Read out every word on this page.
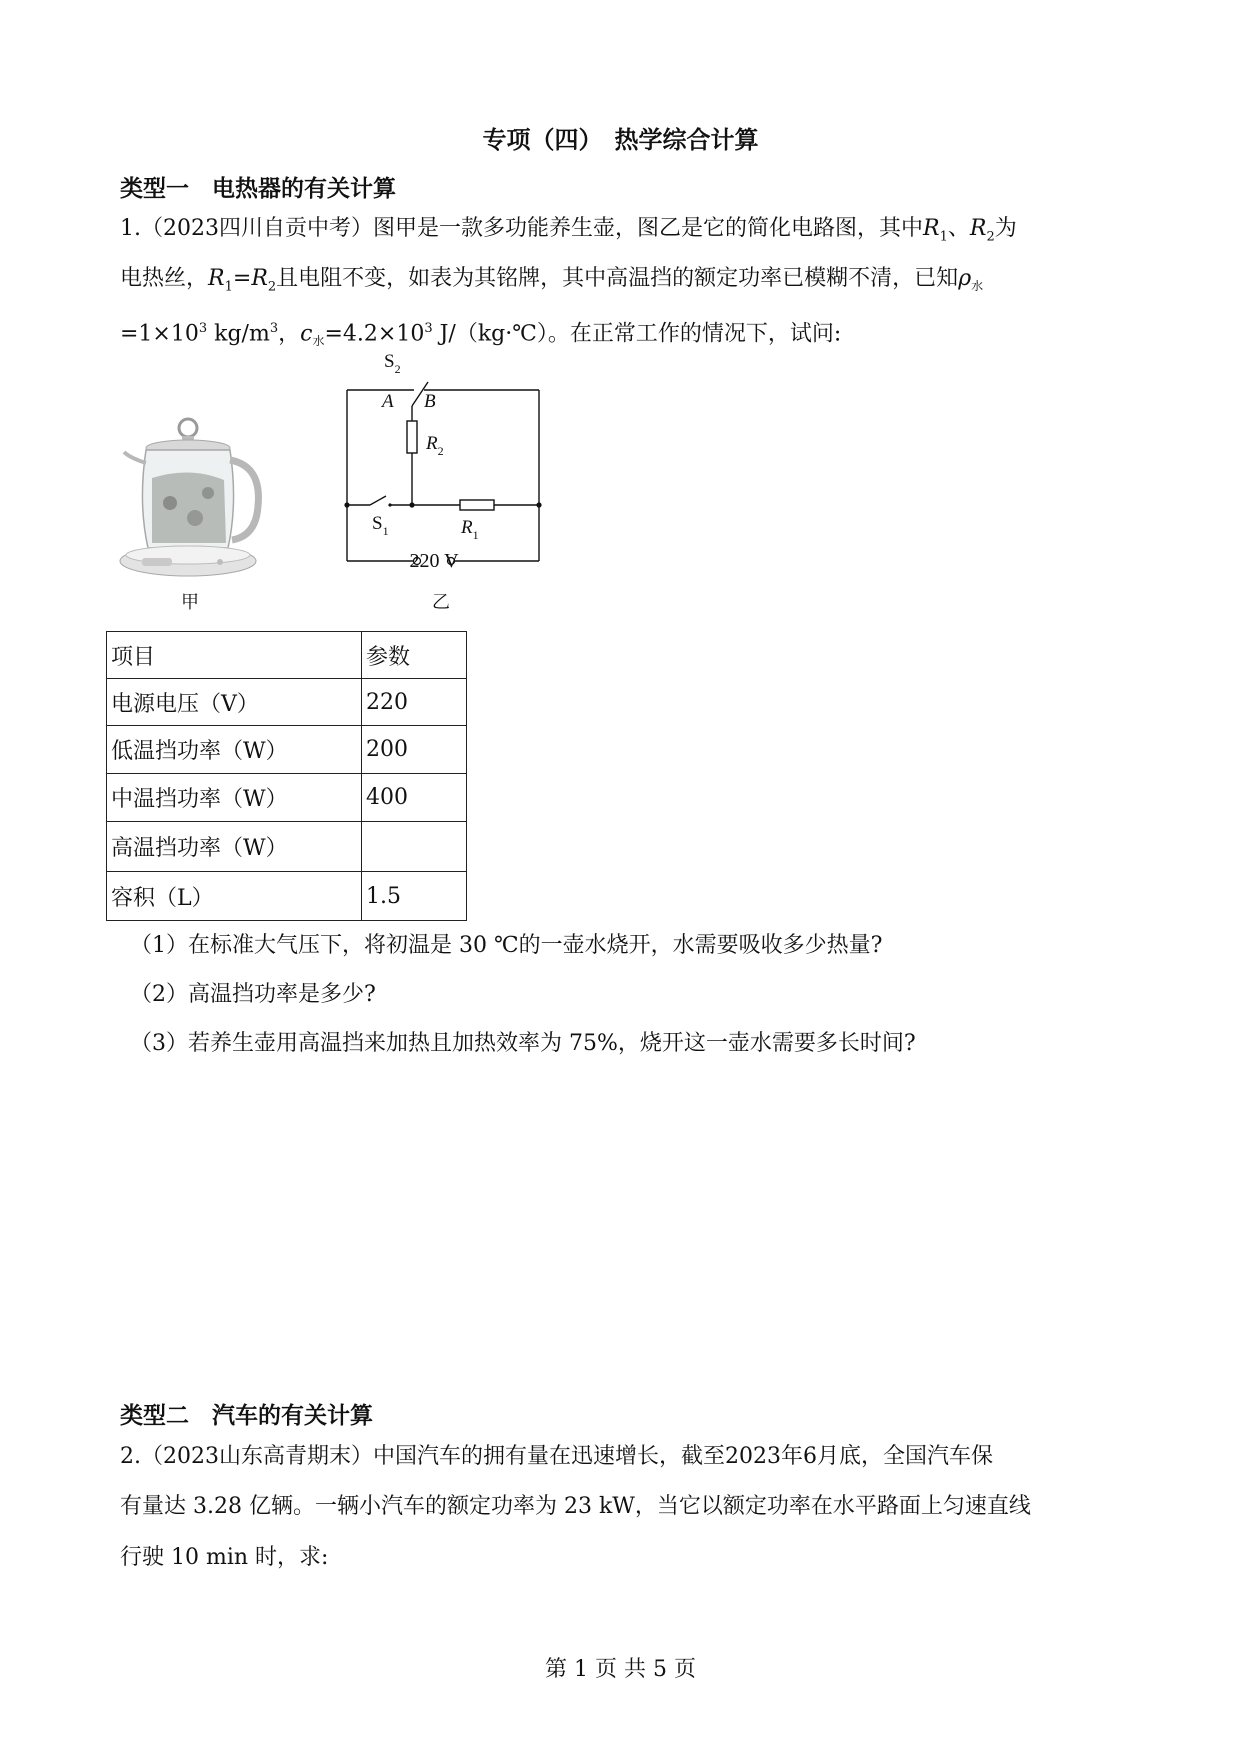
专项（四）　热学综合计算
类型一　电热器的有关计算
1.（2023四川自贡中考）图甲是一款多功能养生壶，图乙是它的简化电路图，其中$R_1$、$R_2$为
电热丝，$R_1=R_2$且电阻不变，如表为其铭牌，其中高温挡的额定功率已模糊不清，已知$\rho_水$
$=1\times 10^3$ $kg/m^3$，$c_水=4.2\times 10^3$ J/（kg·℃）。在正常工作的情况下，试问:
甲
220 V
$S_2$
A B
$R_2$
$S_1$	$R_1$
乙
项目	参数
电源电压（V）	220
低温挡功率（W）	200
中温挡功率（W）	400
高温挡功率（W）	
容积（L）	1.5
（1）在标准大气压下，将初温是 30 ℃的一壶水烧开，水需要吸收多少热量?
（2）高温挡功率是多少?
（3）若养生壶用高温挡来加热且加热效率为 75%，烧开这一壶水需要多长时间?
类型二　汽车的有关计算
2.（2023山东高青期末）中国汽车的拥有量在迅速增长，截至2023年6月底，全国汽车保
有量达 3.28 亿辆。一辆小汽车的额定功率为 23 kW，当它以额定功率在水平路面上匀速直线
行驶 10 min 时，求:
第 1 页 共 5 页
